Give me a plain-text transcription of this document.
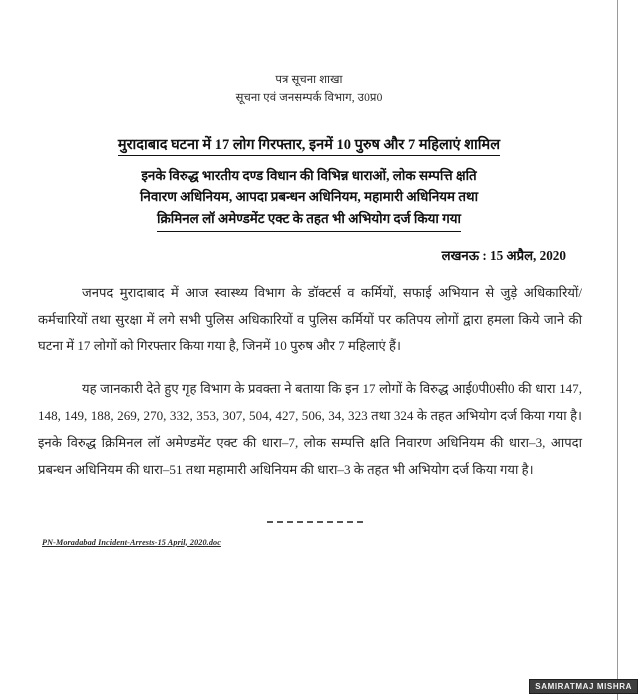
पत्र सूचना शाखा
सूचना एवं जनसम्पर्क विभाग, उ0प्र0
मुरादाबाद घटना में 17 लोग गिरफ्तार, इनमें 10 पुरुष और 7 महिलाएं शामिल
इनके विरुद्ध भारतीय दण्ड विधान की विभिन्न धाराओं, लोक सम्पत्ति क्षति
निवारण अधिनियम, आपदा प्रबन्धन अधिनियम, महामारी अधिनियम तथा
क्रिमिनल लॉ अमेण्डमेंट एक्ट के तहत भी अभियोग दर्ज किया गया
लखनऊ : 15 अप्रैल, 2020

जनपद मुरादाबाद में आज स्वास्थ्य विभाग के डॉक्टर्स व कर्मियों, सफाई अभियान से जुड़े अधिकारियों/कर्मचारियों तथा सुरक्षा में लगे सभी पुलिस अधिकारियों व पुलिस कर्मियों पर कतिपय लोगों द्वारा हमला किये जाने की घटना में 17 लोगों को गिरफ्तार किया गया है, जिनमें 10 पुरुष और 7 महिलाएं हैं।

यह जानकारी देते हुए गृह विभाग के प्रवक्ता ने बताया कि इन 17 लोगों के विरुद्ध आई0पी0सी0 की धारा 147, 148, 149, 188, 269, 270, 332, 353, 307, 504, 427, 506, 34, 323 तथा 324 के तहत अभियोग दर्ज किया गया है। इनके विरुद्ध क्रिमिनल लॉ अमेण्डमेंट एक्ट की धारा–7, लोक सम्पत्ति क्षति निवारण अधिनियम की धारा–3, आपदा प्रबन्धन अधिनियम की धारा–51 तथा महामारी अधिनियम की धारा–3 के तहत भी अभियोग दर्ज किया गया है।

PN-Moradabad Incident-Arrests-15 April, 2020.doc
SAMIRATMAJ MISHRA
